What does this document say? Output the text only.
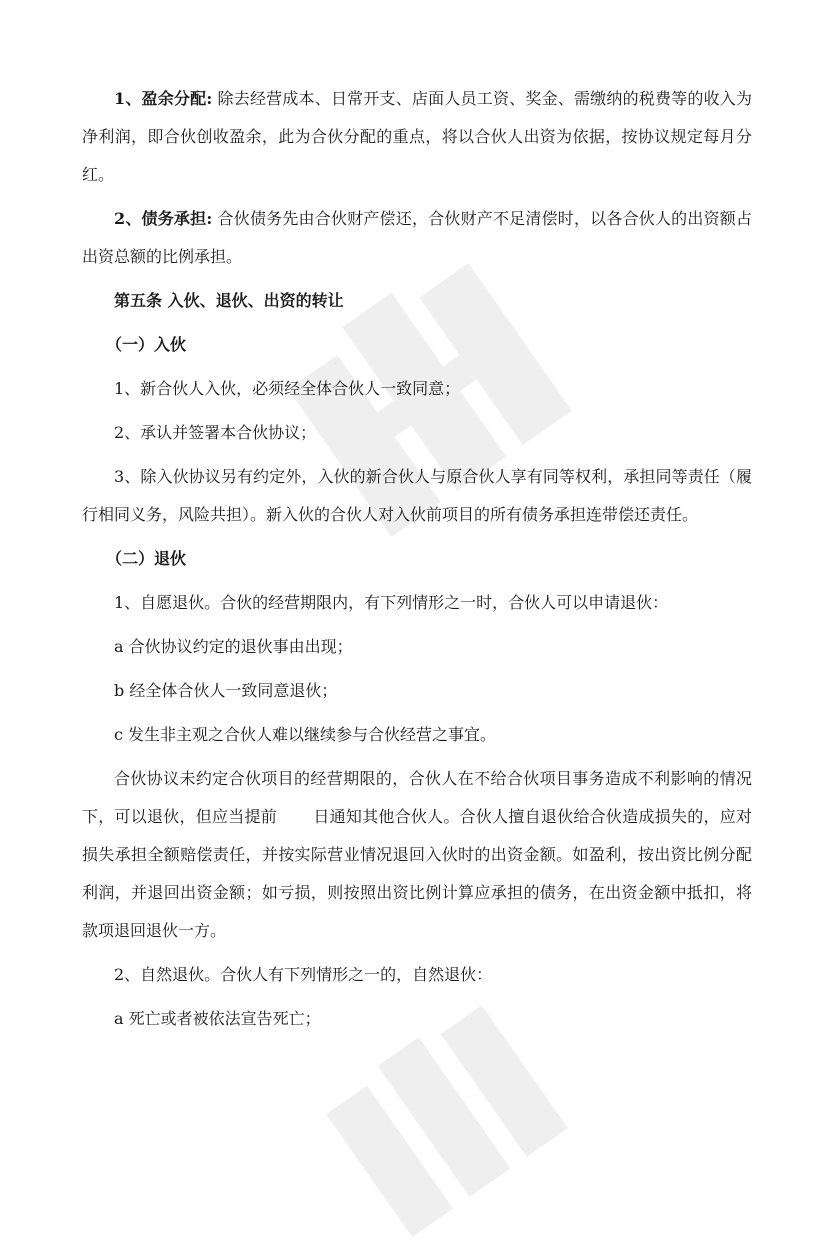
1、盈余分配: 除去经营成本、日常开支、店面人员工资、奖金、需缴纳的税费等的收入为净利润，即合伙创收盈余，此为合伙分配的重点，将以合伙人出资为依据，按协议规定每月分红。

2、债务承担: 合伙债务先由合伙财产偿还，合伙财产不足清偿时，以各合伙人的出资额占出资总额的比例承担。

第五条 入伙、退伙、出资的转让

（一）入伙

1、新合伙人入伙，必须经全体合伙人一致同意；

2、承认并签署本合伙协议；

3、除入伙协议另有约定外，入伙的新合伙人与原合伙人享有同等权利，承担同等责任（履行相同义务，风险共担）。新入伙的合伙人对入伙前项目的所有债务承担连带偿还责任。

（二）退伙

1、自愿退伙。合伙的经营期限内，有下列情形之一时，合伙人可以申请退伙：

a 合伙协议约定的退伙事由出现；

b 经全体合伙人一致同意退伙；

c 发生非主观之合伙人难以继续参与合伙经营之事宜。

合伙协议未约定合伙项目的经营期限的，合伙人在不给合伙项目事务造成不利影响的情况下，可以退伙，但应当提前 日通知其他合伙人。合伙人擅自退伙给合伙造成损失的，应对损失承担全额赔偿责任，并按实际营业情况退回入伙时的出资金额。如盈利，按出资比例分配利润，并退回出资金额；如亏损，则按照出资比例计算应承担的债务，在出资金额中抵扣，将款项退回退伙一方。

2、自然退伙。合伙人有下列情形之一的，自然退伙：

a 死亡或者被依法宣告死亡；
